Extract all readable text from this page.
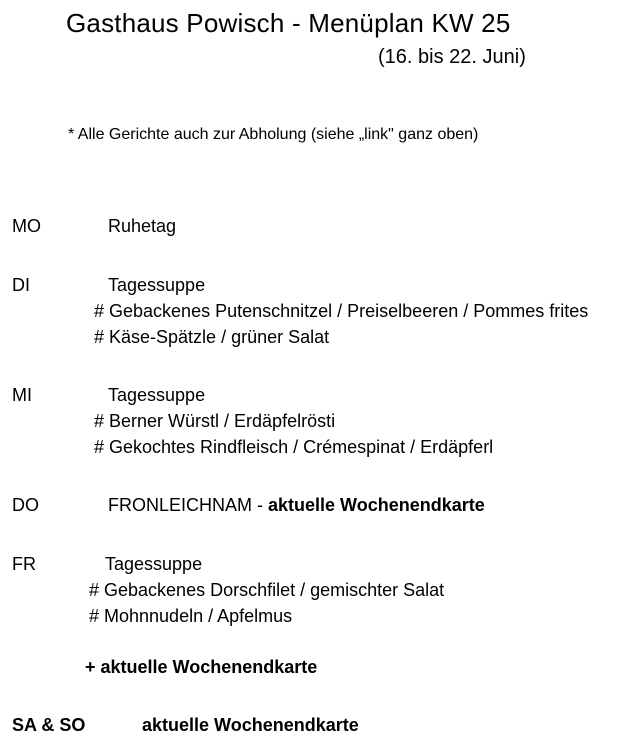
Gasthaus Powisch - Menüplan KW 25
(16. bis 22. Juni)
* Alle Gerichte auch zur Abholung (siehe „link" ganz oben)
MO	Ruhetag
DI	Tagessuppe
# Gebackenes Putenschnitzel / Preiselbeeren / Pommes frites
# Käse-Spätzle / grüner Salat
MI	Tagessuppe
# Berner Würstl / Erdäpfelrösti
# Gekochtes Rindfleisch / Crémespinat / Erdäpferl
DO	FRONLEICHNAM - aktuelle Wochenendkarte
FR	Tagessuppe
# Gebackenes Dorschfilet / gemischter Salat
# Mohnnudeln / Apfelmus
+ aktuelle Wochenendkarte
SA & SO	aktuelle Wochenendkarte
